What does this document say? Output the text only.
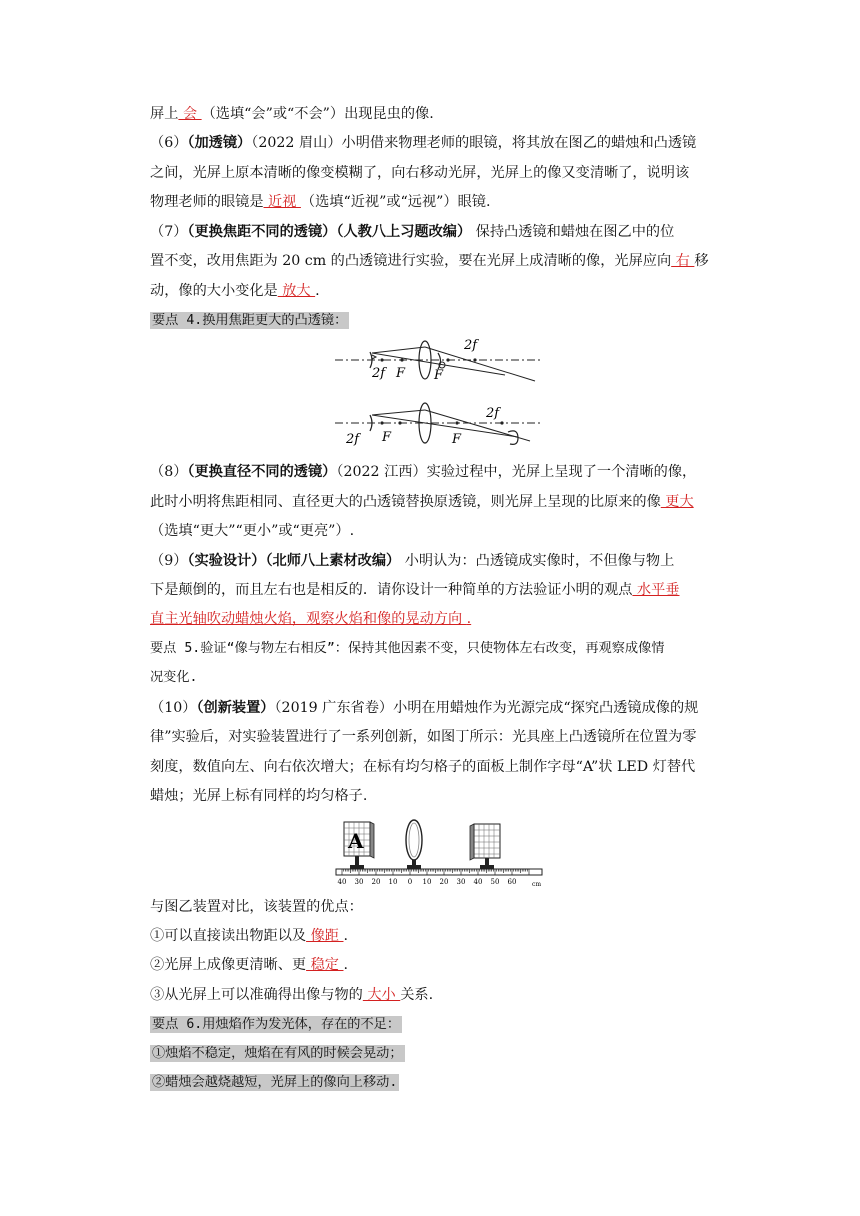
屏上 会 （选填“会”或“不会”）出现昆虫的像.
（6）（加透镜）（2022 眉山）小明借来物理老师的眼镜，将其放在图乙的蜡烛和凸透镜
之间，光屏上原本清晰的像变模糊了，向右移动光屏，光屏上的像又变清晰了，说明该
物理老师的眼镜是 近视 （选填“近视”或“远视”）眼镜.
（7）（更换焦距不同的透镜）（人教八上习题改编） 保持凸透镜和蜡烛在图乙中的位
置不变，改用焦距为 20 cm 的凸透镜进行实验，要在光屏上成清晰的像，光屏应向 右 移
动，像的大小变化是 放大 .
要点 4.换用焦距更大的凸透镜：
2f F F
2f
2f F	F
2f
（8）（更换直径不同的透镜）（2022 江西）实验过程中，光屏上呈现了一个清晰的像，
此时小明将焦距相同、直径更大的凸透镜替换原透镜，则光屏上呈现的比原来的像 更大
（选填“更大”“更小”或“更亮”）.
（9）（实验设计）（北师八上素材改编） 小明认为：凸透镜成实像时，不但像与物上
下是颠倒的，而且左右也是相反的．请你设计一种简单的方法验证小明的观点 水平垂
直主光轴吹动蜡烛火焰，观察火焰和像的晃动方向 .
要点 5.验证“像与物左右相反”：保持其他因素不变，只使物体左右改变，再观察成像情
况变化.
（10）（创新装置）（2019 广东省卷）小明在用蜡烛作为光源完成“探究凸透镜成像的规
律”实验后，对实验装置进行了一系列创新，如图丁所示：光具座上凸透镜所在位置为零
刻度，数值向左、向右依次增大；在标有均匀格子的面板上制作字母“A”状 LED 灯替代
蜡烛；光屏上标有同样的均匀格子.
A
40 30 20 10 0 10 20 30 40 50 60	cm
与图乙装置对比，该装置的优点：
①可以直接读出物距以及 像距 .
②光屏上成像更清晰、更 稳定 .
③从光屏上可以准确得出像与物的 大小 关系.
要点 6.用烛焰作为发光体，存在的不足：
①烛焰不稳定，烛焰在有风的时候会晃动；
②蜡烛会越烧越短，光屏上的像向上移动.
